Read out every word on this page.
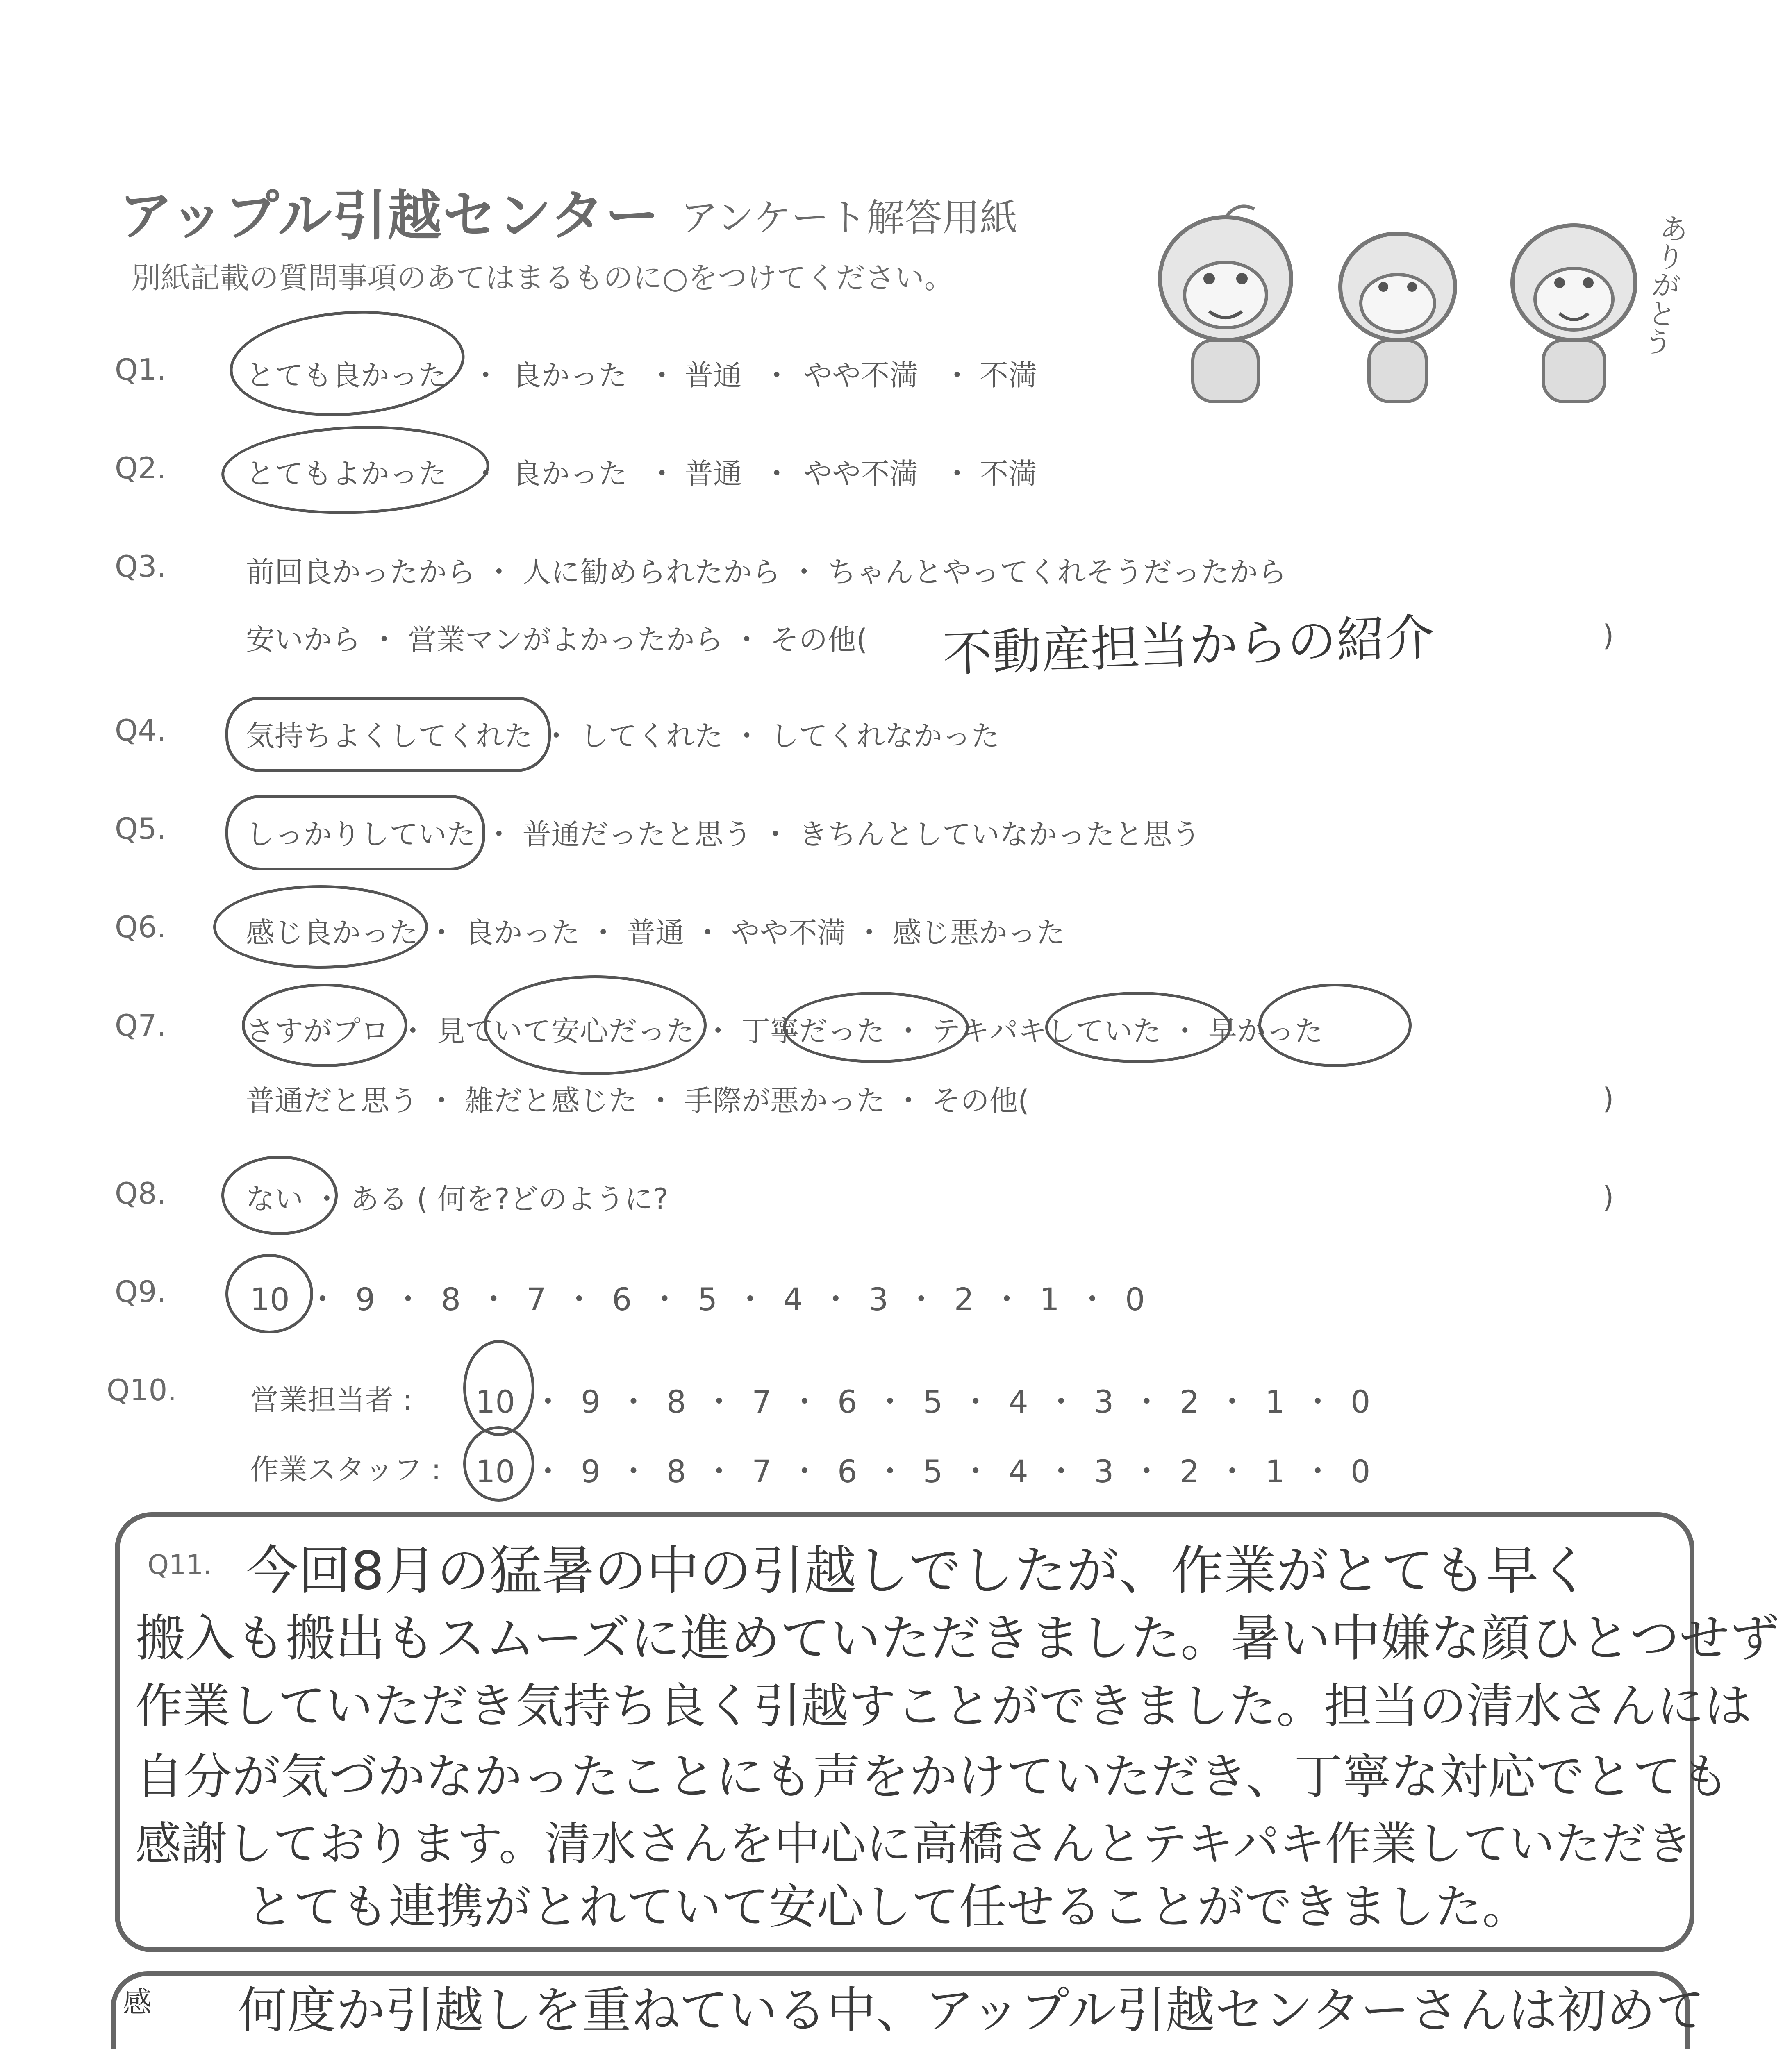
アップル引越センター アンケート解答用紙
別紙記載の質問事項のあてはまるものに○をつけてください。	ありがとう
Q1.	とても良かった ・ 良かった ・ 普通 ・ やや不満 ・ 不満
Q2.	とてもよかった ・ 良かった ・ 普通 ・ やや不満 ・ 不満
Q3.	前回良かったから ・ 人に勧められたから ・ ちゃんとやってくれそうだったから
安いから ・ 営業マンがよかったから ・ その他( 不動産担当からの紹介	)
Q4.	気持ちよくしてくれた ・ してくれた ・ してくれなかった
Q5.	しっかりしていた ・ 普通だったと思う ・ きちんとしていなかったと思う
Q6.	感じ良かった ・ 良かった ・ 普通 ・ やや不満 ・ 感じ悪かった
Q7.	さすがプロ ・ 見ていて安心だった ・ 丁寧だった ・ テキパキしていた ・ 早かった
普通だと思う ・ 雑だと感じた ・ 手際が悪かった ・ その他(	)
Q8.	ない ・ ある ( 何を?どのように?	)
Q9.	10 ・ 9 ・ 8 ・ 7 ・ 6 ・ 5 ・ 4 ・ 3 ・ 2 ・ 1 ・ 0
Q10.	営業担当者 : 10 ・ 9 ・ 8 ・ 7 ・ 6 ・ 5 ・ 4 ・ 3 ・ 2 ・ 1 ・ 0
作業スタッフ : 10 ・ 9 ・ 8 ・ 7 ・ 6 ・ 5 ・ 4 ・ 3 ・ 2 ・ 1 ・ 0
Q11. 今回8月の猛暑の中の引越しでしたが、作業がとても早く
搬入も搬出もスムーズに進めていただきました。暑い中嫌な顔ひとつせず
作業していただき気持ち良く引越すことができました。担当の清水さんには
自分が気づかなかったことにも声をかけていただき、丁寧な対応でとても
感謝しております。清水さんを中心に高橋さんとテキパキ作業していただき
とても連携がとれていて安心して任せることができました。
感 何度か引越しを重ねている中、アップル引越センターさんは初めて
